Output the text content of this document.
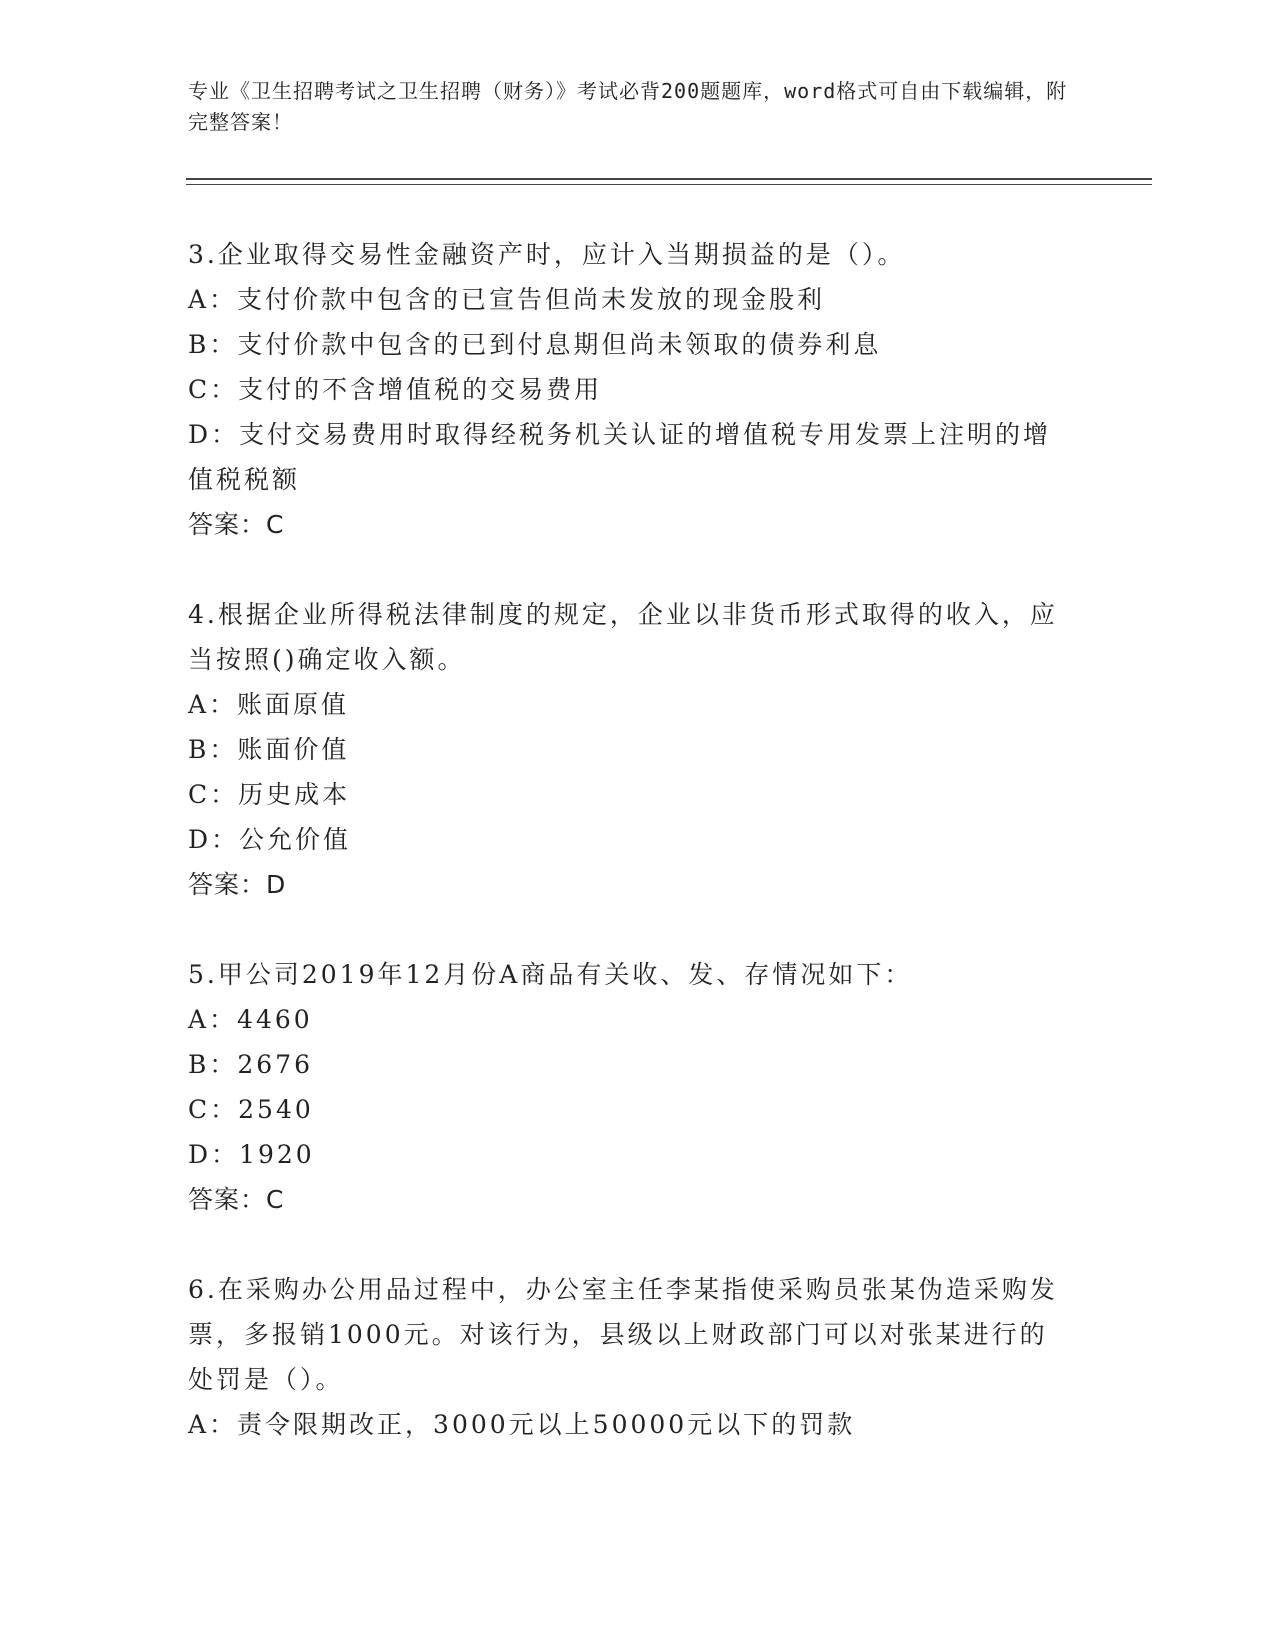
专业《卫生招聘考试之卫生招聘（财务）》考试必背200题题库，word格式可自由下载编辑，附完整答案！

3.企业取得交易性金融资产时，应计入当期损益的是（）。

A：支付价款中包含的已宣告但尚未发放的现金股利

B：支付价款中包含的已到付息期但尚未领取的债券利息

C：支付的不含增值税的交易费用

D：支付交易费用时取得经税务机关认证的增值税专用发票上注明的增值税税额

答案：C

4.根据企业所得税法律制度的规定，企业以非货币形式取得的收入，应当按照()确定收入额。

A：账面原值

B：账面价值

C：历史成本

D：公允价值

答案：D

5.甲公司2019年12月份A商品有关收、发、存情况如下：

A：4460

B：2676

C：2540

D：1920

答案：C

6.在采购办公用品过程中，办公室主任李某指使采购员张某伪造采购发票，多报销1000元。对该行为，县级以上财政部门可以对张某进行的处罚是（）。

A：责令限期改正，3000元以上50000元以下的罚款
